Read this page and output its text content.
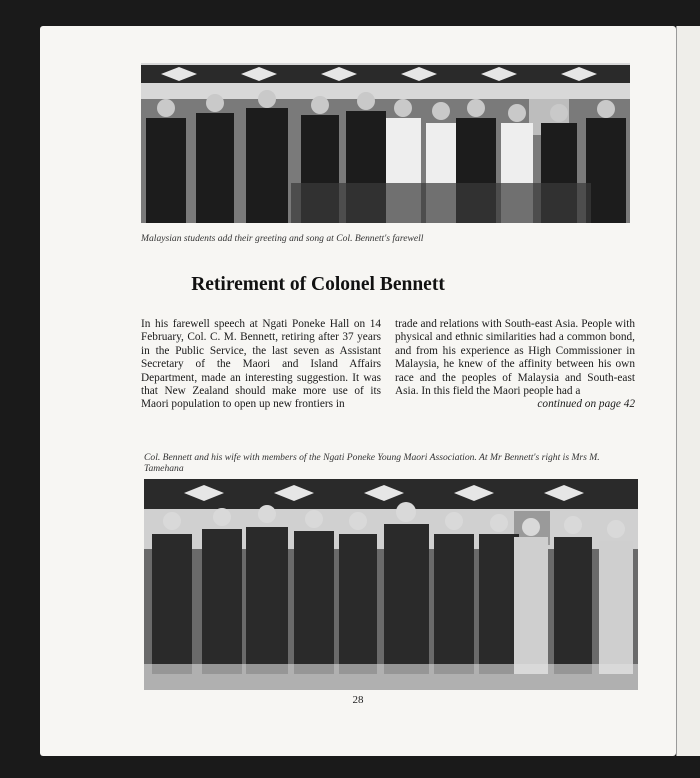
Malaysian students add their greeting and song at Col. Bennett's farewell
Retirement of Colonel Bennett
In his farewell speech at Ngati Poneke Hall on 14 February, Col. C. M. Bennett, retiring after 37 years in the Public Service, the last seven as Assistant Secretary of the Maori and Island Affairs Department, made an interesting suggestion. It was that New Zealand should make more use of its Maori population to open up new frontiers in
trade and relations with South-east Asia. People with physical and ethnic similarities had a common bond, and from his experience as High Commissioner in Malaysia, he knew of the affinity between his own race and the peoples of Malaysia and South-east Asia. In this field the Maori people had a
continued on page 42
Col. Bennett and his wife with members of the Ngati Poneke Young Maori Association. At Mr Bennett's right is Mrs M. Tamehana
28
